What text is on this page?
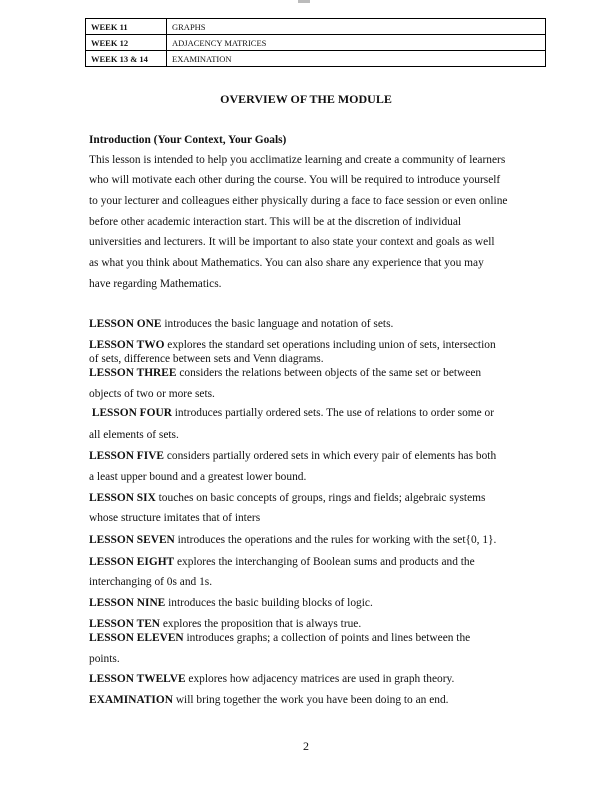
WEEK 11	GRAPHS
WEEK 12	ADJACENCY MATRICES
WEEK 13 & 14	EXAMINATION
OVERVIEW OF THE MODULE
Introduction (Your Context, Your Goals)
This lesson is intended to help you acclimatize learning and create a community of learners
who will motivate each other during the course. You will be required to introduce yourself
to your lecturer and colleagues either physically during a face to face session or even online
before other academic interaction start. This will be at the discretion of individual
universities and lecturers. It will be important to also state your context and goals as well
as what you think about Mathematics. You can also share any experience that you may
have regarding Mathematics.
LESSON ONE introduces the basic language and notation of sets.
LESSON TWO explores the standard set operations including union of sets, intersection
of sets, difference between sets and Venn diagrams.
LESSON THREE considers the relations between objects of the same set or between
objects of two or more sets.
LESSON FOUR introduces partially ordered sets. The use of relations to order some or
all elements of sets.
LESSON FIVE considers partially ordered sets in which every pair of elements has both
a least upper bound and a greatest lower bound.
LESSON SIX touches on basic concepts of groups, rings and fields; algebraic systems
whose structure imitates that of inters
LESSON SEVEN introduces the operations and the rules for working with the set{0, 1}.
LESSON EIGHT explores the interchanging of Boolean sums and products and the
interchanging of 0s and 1s.
LESSON NINE introduces the basic building blocks of logic.
LESSON TEN explores the proposition that is always true.
LESSON ELEVEN introduces graphs; a collection of points and lines between the
points.
LESSON TWELVE explores how adjacency matrices are used in graph theory.
EXAMINATION will bring together the work you have been doing to an end.
2
